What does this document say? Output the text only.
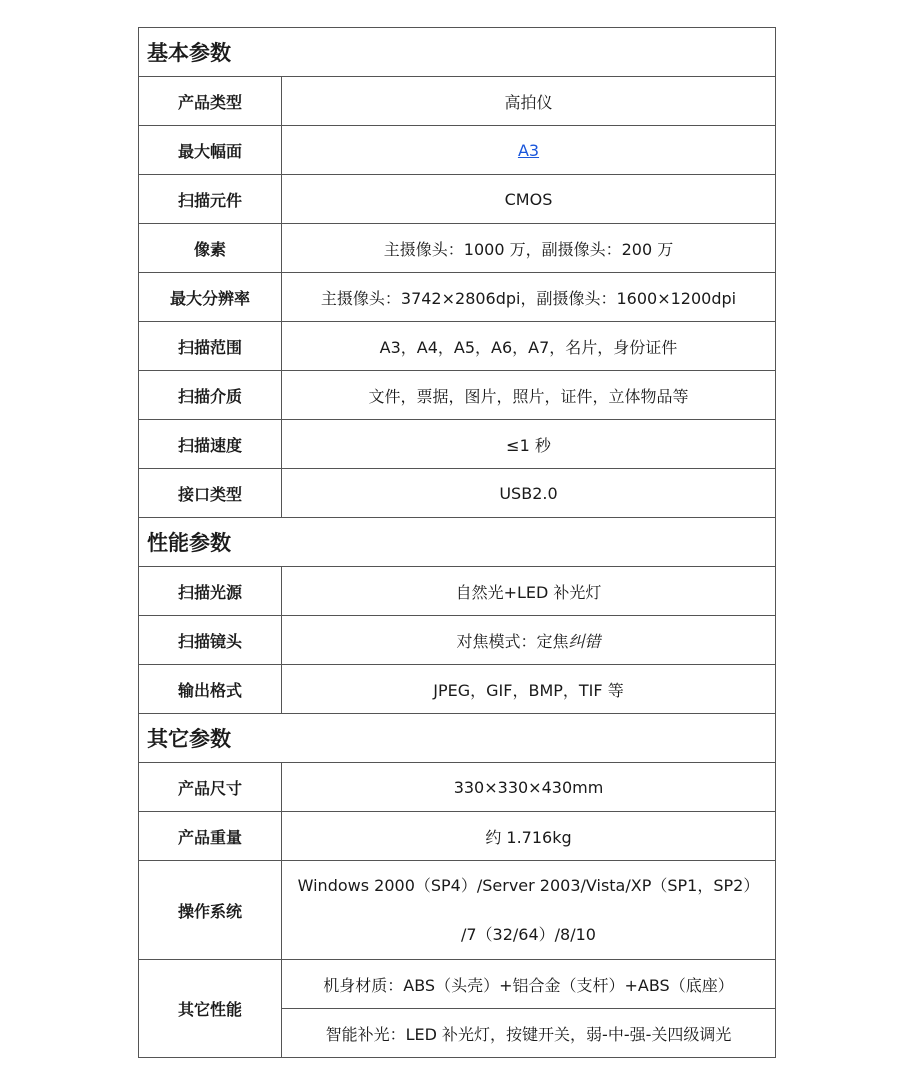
基本参数	
产品类型	高拍仪
最大幅面	A3
扫描元件	CMOS
像素	主摄像头：1000 万，副摄像头：200 万
最大分辨率	主摄像头：3742×2806dpi，副摄像头：1600×1200dpi
扫描范围	A3，A4，A5，A6，A7，名片，身份证件
扫描介质	文件，票据，图片，照片，证件，立体物品等
扫描速度	≤1 秒
接口类型	USB2.0
性能参数	
扫描光源	自然光+LED 补光灯
扫描镜头	对焦模式：定焦纠错
输出格式	JPEG，GIF，BMP，TIF 等
其它参数	
产品尺寸	330×330×430mm
产品重量	约 1.716kg
操作系统	Windows 2000（SP4）/Server 2003/Vista/XP（SP1，SP2）
/7（32/64）/8/10

其它性能	机身材质：ABS（头壳）+铝合金（支杆）+ABS（底座）
	智能补光：LED 补光灯，按键开关，弱-中-强-关四级调光
